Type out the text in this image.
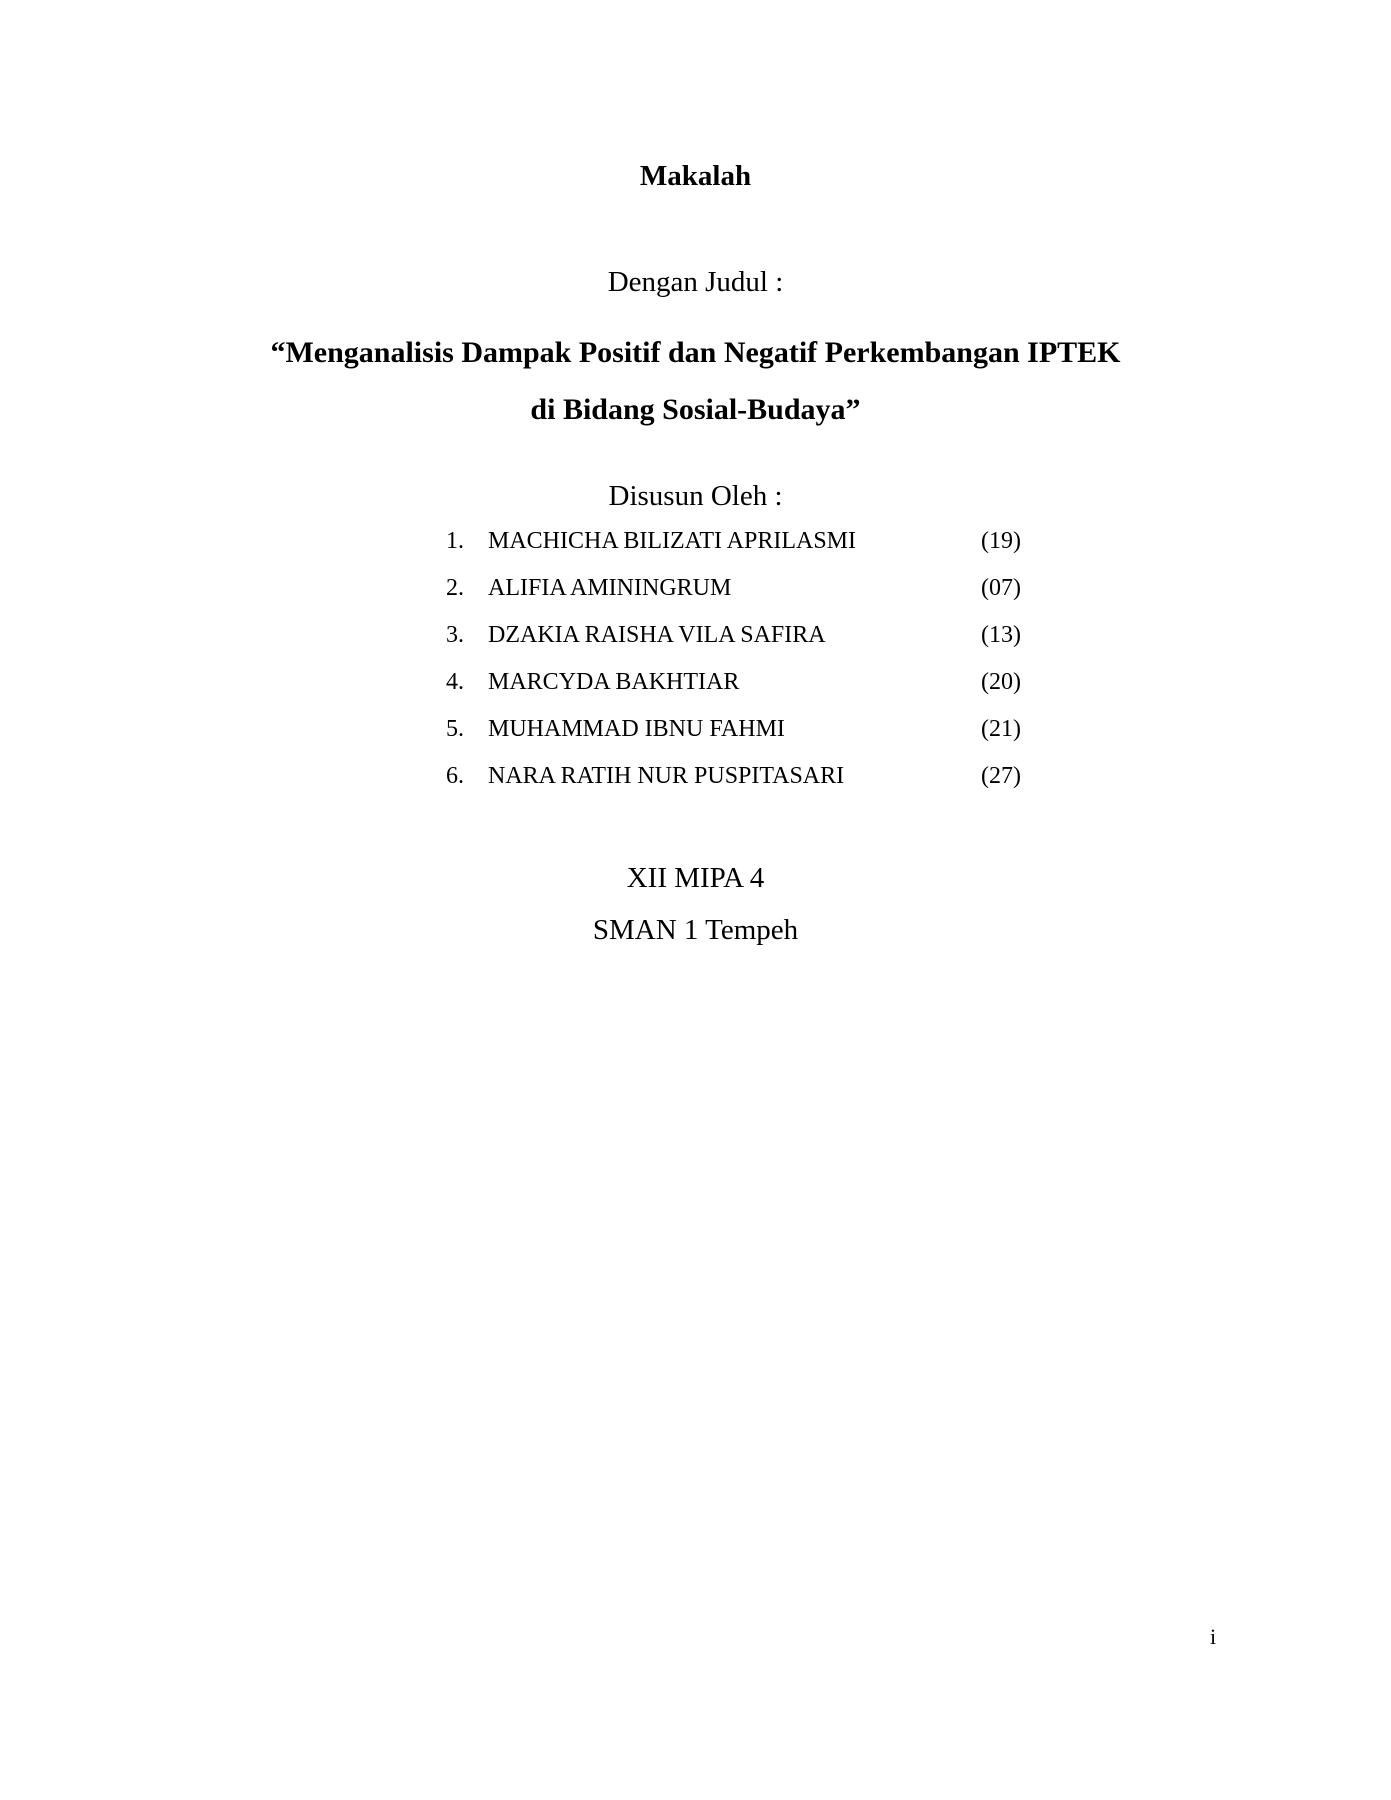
Makalah
Dengan Judul :
“Menganalisis Dampak Positif dan Negatif Perkembangan IPTEK
di Bidang Sosial-Budaya”
Disusun Oleh :
1. MACHICHA BILIZATI APRILASMI	(19)
2. ALIFIA AMININGRUM	(07)
3. DZAKIA RAISHA VILA SAFIRA	(13)
4. MARCYDA BAKHTIAR	(20)
5. MUHAMMAD IBNU FAHMI	(21)
6. NARA RATIH NUR PUSPITASARI	(27)
XII MIPA 4
SMAN 1 Tempeh
i
